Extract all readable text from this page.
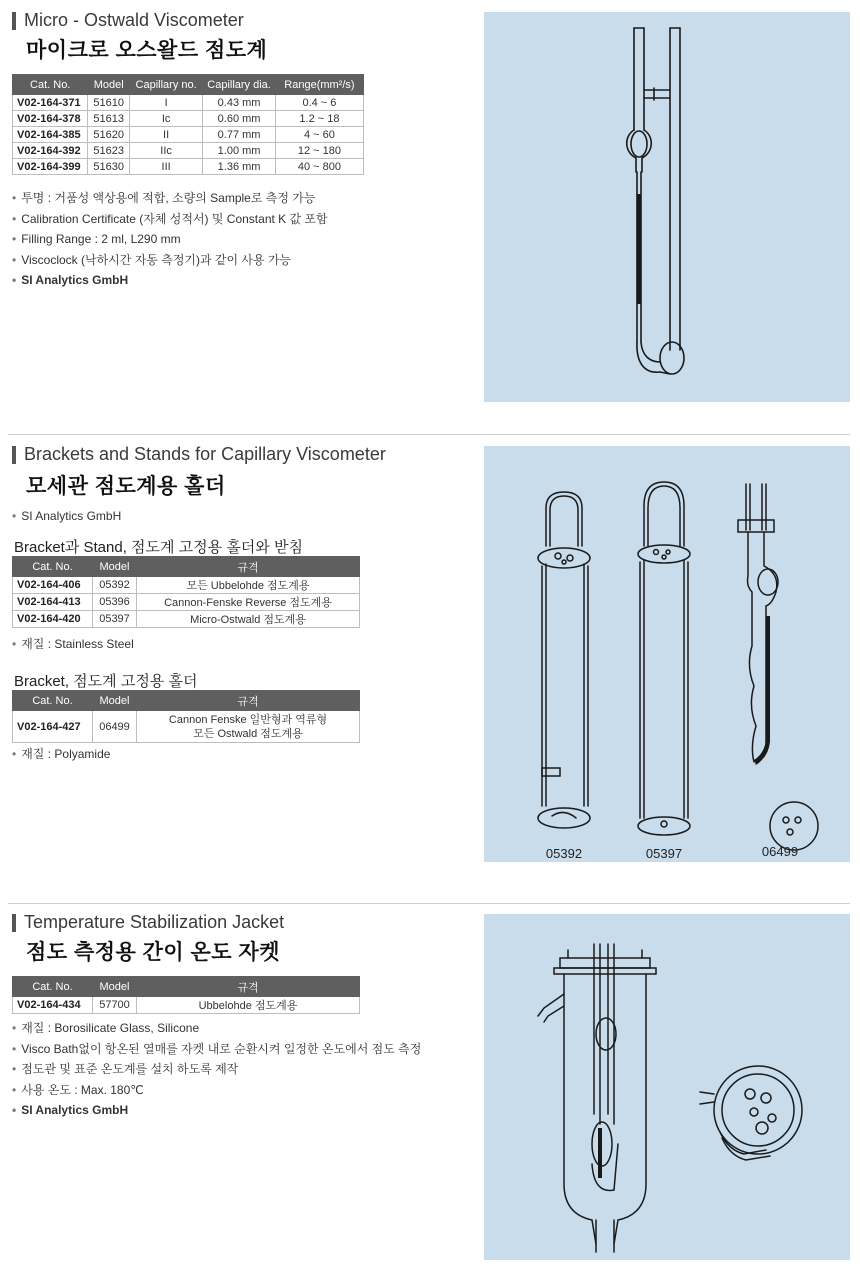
Micro - Ostwald Viscometer
마이크로 오스왈드 점도계
Cat. No.	Model	Capillary no.	Capillary dia.	Range(mm²/s)
V02-164-371	51610	I	0.43 mm	0.4 ~ 6
V02-164-378	51613	Ic	0.60 mm	1.2 ~ 18
V02-164-385	51620	II	0.77 mm	4 ~ 60
V02-164-392	51623	IIc	1.00 mm	12 ~ 180
V02-164-399	51630	III	1.36 mm	40 ~ 800
• 투명 : 거품성 액상용에 적합, 소량의 Sample로 측정 가능
• Calibration Certificate (자체 성적서) 및 Constant K 값 포함
• Filling Range : 2 ml, L290 mm
• Viscoclock (낙하시간 자동 측정기)과 같이 사용 가능
• SI Analytics GmbH
Brackets and Stands for Capillary Viscometer
모세관 점도계용 홀더
• SI Analytics GmbH
Bracket과 Stand, 점도계 고정용 홀더와 받침
Cat. No.	Model	규격
V02-164-406	05392	모든 Ubbelohde 점도계용
V02-164-413	05396	Cannon-Fenske Reverse 점도계용
V02-164-420	05397	Micro-Ostwald 점도계용
• 재질 : Stainless Steel
Bracket, 점도계 고정용 홀더
Cat. No.	Model	규격
V02-164-427	06499	Cannon Fenske 일반형과 역류형
모든 Ostwald 점도계용
• 재질 : Polyamide
05392	05397	06499
Temperature Stabilization Jacket
점도 측정용 간이 온도 자켓
Cat. No.	Model	규격
V02-164-434	57700	Ubbelohde 점도계용
• 재질 : Borosilicate Glass, Silicone
• Visco Bath없이 항온된 열매를 자켓 내로 순환시켜 일정한 온도에서 점도 측정
• 점도관 및 표준 온도계를 설치 하도록 제작
• 사용 온도 : Max. 180℃
• SI Analytics GmbH
